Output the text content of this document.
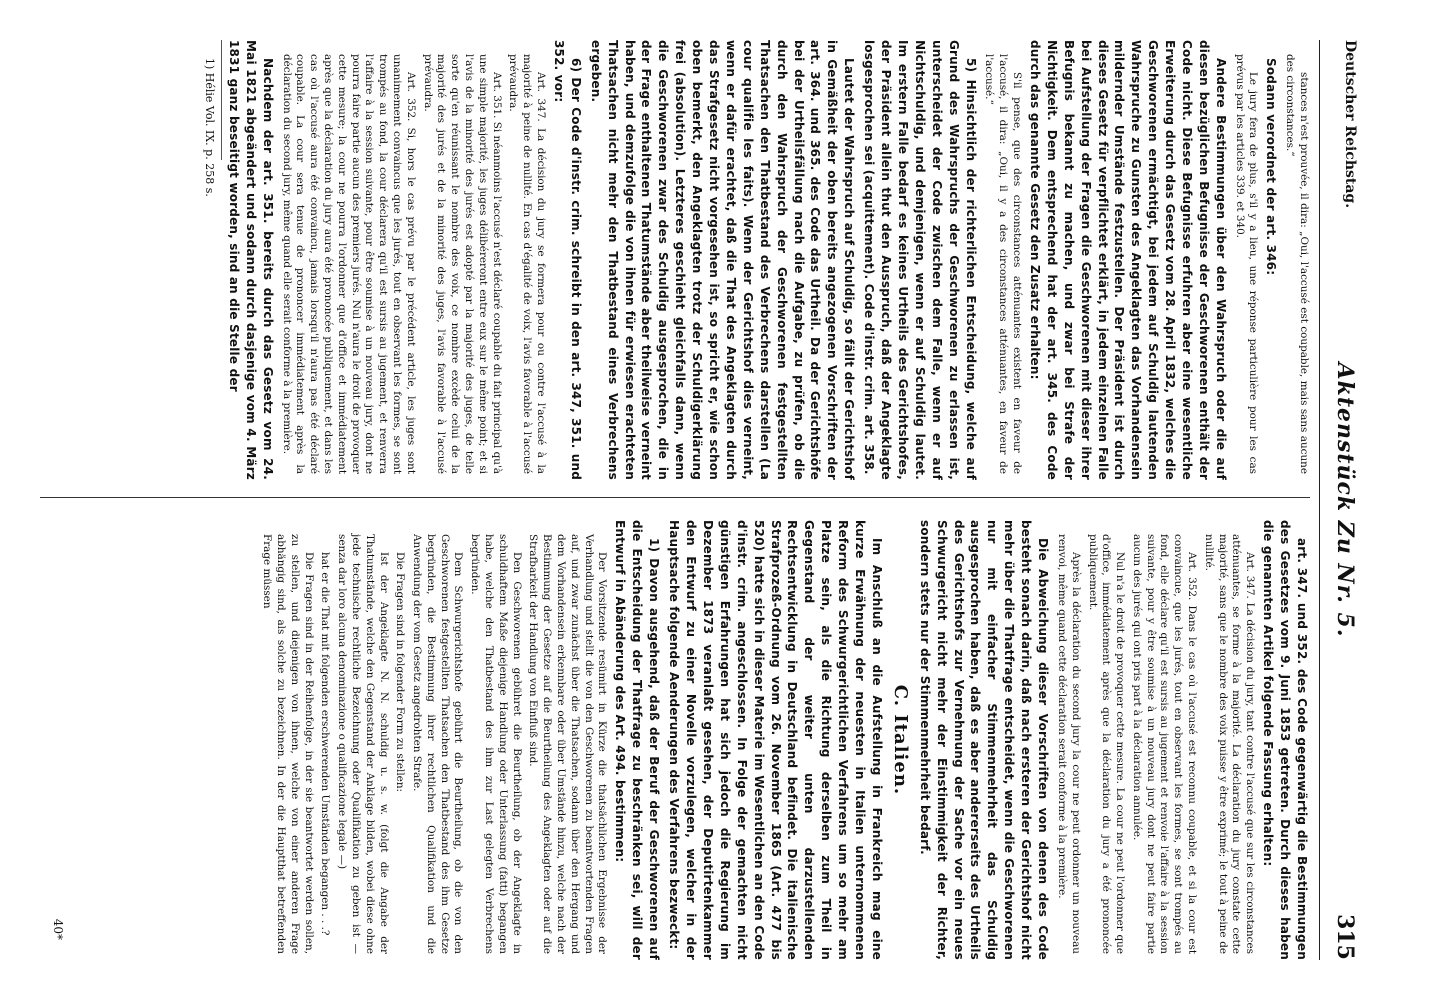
Deutscher Reichstag.
Aktenstück Zu Nr. 5.
315

stances n'est prouvée, il dira: „Oui, l'accusé est coupable, mais sans aucune des circonstances.“

Sodann verordnet der art. 346:

Le jury fera de plus, s'il y a lieu, une réponse particulière pour les cas prévus par les articles 339. et 340.

Andere Bestimmungen über den Wahrspruch oder die auf diesen bezüglichen Befugnisse der Geschworenen enthält der Code nicht. Diese Befugnisse erfuhren aber eine wesentliche Erweiterung durch das Gesetz vom 28. April 1832, welches die Geschworenen ermächtigt, bei jedem auf Schuldig lautenden Wahrspruche zu Gunsten des Angeklagten das Vorhandensein mildernder Umstände festzustellen. Der Präsident ist durch dieses Gesetz für verpflichtet erklärt, in jedem einzelnen Falle bei Aufstellung der Fragen die Geschworenen mit dieser ihrer Befugnis bekannt zu machen, und zwar bei Strafe der Nichtigkeit. Dem entsprechend hat der art. 345. des Code durch das genannte Gesetz den Zusatz erhalten:

S'il pense, que des circonstances atténuantes existent en faveur de l'accusé, il dira: „Oui, il y a des circonstances atténuantes, en faveur de l'accusé.“

5) Hinsichtlich der richterlichen Entscheidung, welche auf Grund des Wahrspruchs der Geschworenen zu erlassen ist, unterscheidet der Code zwischen dem Falle, wenn er auf Nichtschuldig, und demjenigen, wenn er auf Schuldig lautet. Im erstern Falle bedarf es keines Urtheils des Gerichtshofes, der Präsident allein thut den Ausspruch, daß der Angeklagte losgesprochen sei (acquittement). Code d'instr. crim. art. 358.

Lautet der Wahrspruch auf Schuldig, so fällt der Gerichtshof in Gemäßheit der oben bereits angezogenen Vorschriften der art. 364. und 365. des Code das Urtheil. Da der Gerichtshöfe bei der Urtheilsfällung nach die Aufgabe, zu prüfen, ob die durch den Wahrspruch der Geschworenen festgestellten Thatsachen den Thatbestand des Verbrechens darstellen (La cour qualifie les faits). Wenn der Gerichtshof dies verneint, wenn er dafür erachtet, daß die That des Angeklagten durch das Strafgesetz nicht vorgesehen ist, so spricht er, wie schon oben bemerkt, den Angeklagten trotz der Schuldigerklärung frei (absolution). Letzteres geschieht gleichfalls dann, wenn die Geschworenen zwar des Schuldig ausgesprochen, die in der Frage enthaltenen Thatumstände aber theilweise verneint haben, und demzufolge die von ihnen für erwiesen erachteten Thatsachen nicht mehr den Thatbestand eines Verbrechens ergeben.

6) Der Code d'instr. crim. schreibt in den art. 347, 351. und 352. vor:

Art. 347. La décision du jury se formera pour ou contre l'accusé à la majorité à peine de nullité. En cas d'égalité de voix, l'avis favorable à l'accusé prévaudra.

Art. 351. Si néanmoins l'accusé n'est déclaré coupable du fait principal qu'à une simple majorité, les juges délibéreront entre eux sur le même point; et si l'avis de la minorité des jurés est adopté par la majorité des juges, de telle sorte qu'en réunissant le nombre des voix, ce nombre excède celui de la majorité des jurés et de la minorité des juges, l'avis favorable à l'accusé prévaudra.

Art. 352. Si, hors le cas prévu par le précédent article, les juges sont unanimement convaincus que les jurés, tout en observant les formes, se sont trompés au fond, la cour déclarera qu'il est sursis au jugement, et renverra l'affaire à la session suivante, pour être soumise à un nouveau jury, dont ne pourra faire partie aucun des premiers jurés. Nul n'aura le droit de provoquer cette mesure; la cour ne pourra l'ordonner que d'office et immédiatement après que la déclaration du jury aura été prononcée publiquement, et dans les cas où l'accusé aura été convaincu, jamais lorsqu'il n'aura pas été déclaré coupable. La cour sera tenue de prononcer immédiatement après la déclaration du second jury, même quand elle serait conforme à la première.

Nachdem der art. 351. bereits durch das Gesetz vom 24. Mai 1821 abgeändert und sodann durch dasjenige vom 4. März 1831 ganz beseitigt worden, sind an die Stelle der

1) Hélie Vol. IX. p. 258 s.

art. 347. und 352. des Code gegenwärtig die Bestimmungen des Gesetzes vom 9. Juni 1853 getreten. Durch dieses haben die genannten Artikel folgende Fassung erhalten:

Art. 347. La décision du jury, tant contre l'accusé que sur les circonstances atténuantes, se forme à la majorité. La déclaration du jury constate cette majorité, sans que le nombre des voix puisse y être exprimé; le tout à peine de nullité.

Art. 352. Dans le cas où l'accusé est reconnu coupable, et si la cour est convaincue, que les jurés, tout en observant les formes, se sont trompés au fond, elle déclare qu'il est sursis au jugement et renvoie l'affaire à la session suivante, pour y être soumise à un nouveau jury dont ne peut faire partie aucun des jurés qui ont pris part à la déclaration annulée.

Nul n'a le droit de provoquer cette mesure. La cour ne peut l'ordonner que d'office, immédiatement après que la déclaration du jury a été prononcée publiquement.

Après la déclaration du second jury la cour ne peut ordonner un nouveau renvoi, même quand cette déclaration serait conforme à la première.

Die Abweichung dieser Vorschriften von denen des Code besteht sonach darin, daß nach ersteren der Gerichtshof nicht mehr über die Thatfrage entscheidet, wenn die Geschworenen nur mit einfacher Stimmenmehrheit das Schuldig ausgesprochen haben, daß es aber andererseits des Urtheils des Gerichtshofs zur Vernehmung der Sache vor ein neues Schwurgericht nicht mehr der Einstimmigkeit der Richter, sondern stets nur der Stimmenmehrheit bedarf.

C. Italien.

Im Anschluß an die Aufstellung in Frankreich mag eine kurze Erwähnung der neuesten in Italien unternommenen Reform des Schwurgerichtlichen Verfahrens um so mehr am Platze sein, als die Richtung derselben zum Theil in Gegenstand der weiter unten darzustellenden Rechtsentwicklung in Deutschland befindet. Die italienische Strafprozeß-Ordnung vom 26. November 1865 (Art. 477 bis 520) hatte sich in dieser Materie im Wesentlichen an den Code d'instr. crim. angeschlossen. In Folge der gemachten nicht günstigen Erfahrungen hat sich jedoch die Regierung im Dezember 1873 veranlaßt gesehen, der Deputirtenkammer den Entwurf zu einer Novelle vorzulegen, welcher in der Hauptsache folgende Aenderungen des Verfahrens bezweckt:

1) Davon ausgehend, daß der Beruf der Geschworenen auf die Entscheidung der Thatfrage zu beschränken sei, will der Entwurf in Abänderung des Art. 494. bestimmen:

Der Vorsitzende resümirt in Kürze die thatsächlichen Ergebnisse der Verhandlung und stellt die von den Geschworenen zu beantwortenden Fragen auf, und zwar zunächst über die Thatsachen, sodann über den Hergang und dem Vorhandensein erkennbare oder über Umstände hinzu, welche nach der Bestimmung der Gesetze auf die Beurtheilung des Angeklagten oder auf die Strafbarkeit der Handlung von Einfluß sind.

Den Geschworenen gebühret die Beurtheilung, ob der Angeklagte in schuldhaftem Maße diejenige Handlung oder Unterlassung (fatti) begangen habe, welche den Thatbestand des ihm zur Last gelegten Verbrechens begründen.

Dem Schwurgerichtshofe gebührt die Beurtheilung, ob die von den Geschworenen festgestellten Thatsachen den Thatbestand des ihm Gesetze begründen, die Bestimmung ihrer rechtlichen Qualifikation und die Anwendung der vom Gesetz angedrohten Strafe.

Die Fragen sind in folgender Form zu stellen:

Ist der Angeklagte N. N. schuldig u. s. w. (folgt die Angabe der Thatumstände, welche den Gegenstand der Anklage bilden, wobei diese ohne jede technische rechtliche Bezeichnung oder Qualifikation zu geben ist — senza dar loro alcuna denominazione o qualificazione legale —)

hat er die That mit folgenden erschwerenden Umständen begangen . . .?

Die Fragen sind in der Reihenfolge, in der sie beantwortet werden sollen, zu stellen, und diejenigen von ihnen, welche von einer anderen Frage abhängig sind, als solche zu bezeichnen. In der die Hauptthat betreffenden Frage müssen

40*
